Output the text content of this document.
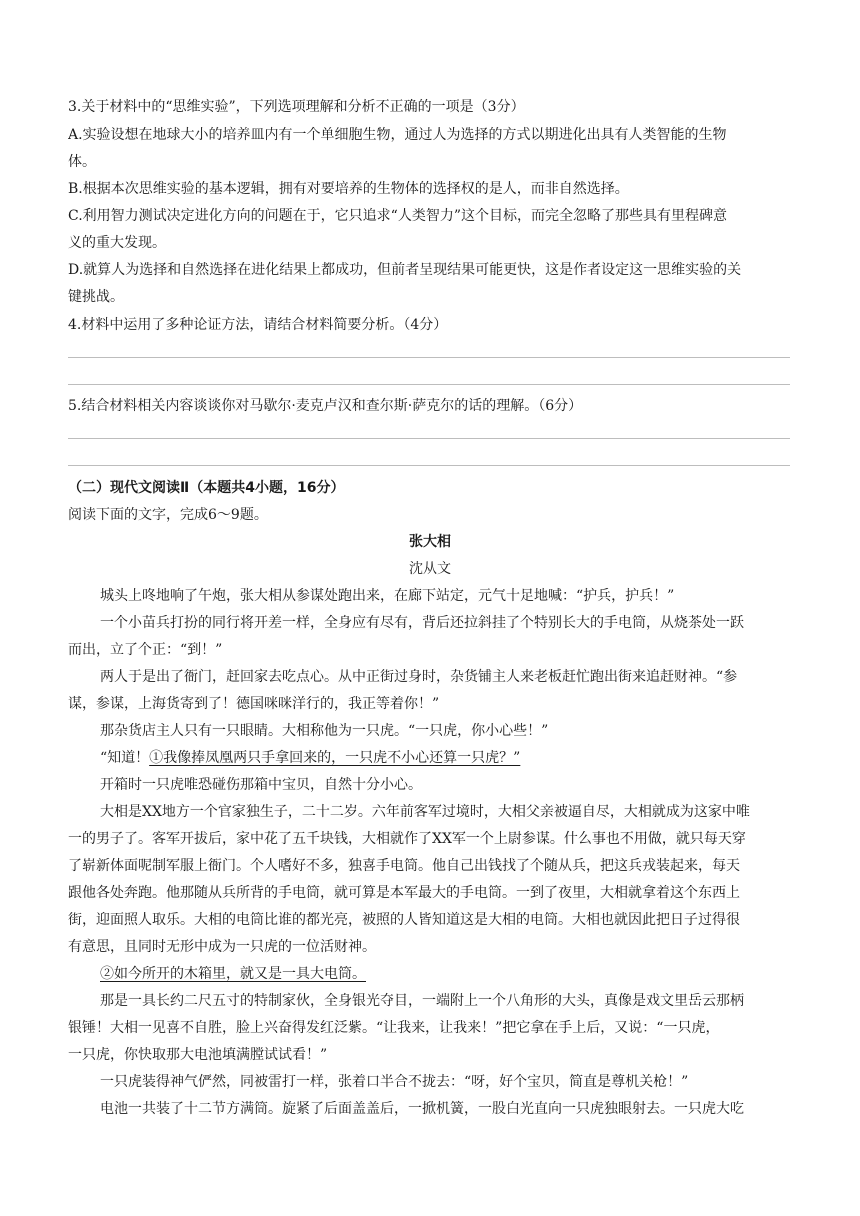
3.关于材料中的“思维实验”，下列选项理解和分析不正确的一项是（3分）
A.实验设想在地球大小的培养皿内有一个单细胞生物，通过人为选择的方式以期进化出具有人类智能的生物
体。
B.根据本次思维实验的基本逻辑，拥有对要培养的生物体的选择权的是人，而非自然选择。
C.利用智力测试决定进化方向的问题在于，它只追求“人类智力”这个目标，而完全忽略了那些具有里程碑意
义的重大发现。
D.就算人为选择和自然选择在进化结果上都成功，但前者呈现结果可能更快，这是作者设定这一思维实验的关
键挑战。
4.材料中运用了多种论证方法，请结合材料简要分析。（4分）
5.结合材料相关内容谈谈你对马歇尔·麦克卢汉和查尔斯·萨克尔的话的理解。（6分）
（二）现代文阅读Ⅱ（本题共4小题，16分）
阅读下面的文字，完成6～9题。
张大相
沈从文
城头上咚地响了午炮，张大相从参谋处跑出来，在廊下站定，元气十足地喊：“护兵，护兵！”
一个小苗兵打扮的同行将开差一样，全身应有尽有，背后还拉斜挂了个特别长大的手电筒，从烧茶处一跃
而出，立了个正：“到！”
两人于是出了衙门，赶回家去吃点心。从中正街过身时，杂货铺主人来老板赶忙跑出街来追赶财神。“参
谋，参谋，上海货寄到了！德国咪咪洋行的，我正等着你！”
那杂货店主人只有一只眼睛。大相称他为一只虎。“一只虎，你小心些！”
“知道！①我像捧凤凰两只手拿回来的，一只虎不小心还算一只虎？”
开箱时一只虎唯恐碰伤那箱中宝贝，自然十分小心。
大相是XX地方一个官家独生子，二十二岁。六年前客军过境时，大相父亲被逼自尽，大相就成为这家中唯
一的男子了。客军开拔后，家中花了五千块钱，大相就作了XX军一个上尉参谋。什么事也不用做，就只每天穿
了崭新体面呢制军服上衙门。个人嗜好不多，独喜手电筒。他自己出钱找了个随从兵，把这兵戎装起来，每天
跟他各处奔跑。他那随从兵所背的手电筒，就可算是本军最大的手电筒。一到了夜里，大相就拿着这个东西上
街，迎面照人取乐。大相的电筒比谁的都光亮，被照的人皆知道这是大相的电筒。大相也就因此把日子过得很
有意思，且同时无形中成为一只虎的一位活财神。
②如今所开的木箱里，就又是一具大电筒。
那是一具长约二尺五寸的特制家伙，全身银光夺目，一端附上一个八角形的大头，真像是戏文里岳云那柄
银锤！大相一见喜不自胜，脸上兴奋得发红泛紫。“让我来，让我来！”把它拿在手上后，又说：“一只虎，
一只虎，你快取那大电池填满膛试试看！”
一只虎装得神气俨然，同被雷打一样，张着口半合不拢去：“呀，好个宝贝，简直是尊机关枪！”
电池一共装了十二节方满筒。旋紧了后面盖盖后，一掀机簧，一股白光直向一只虎独眼射去。一只虎大吃
